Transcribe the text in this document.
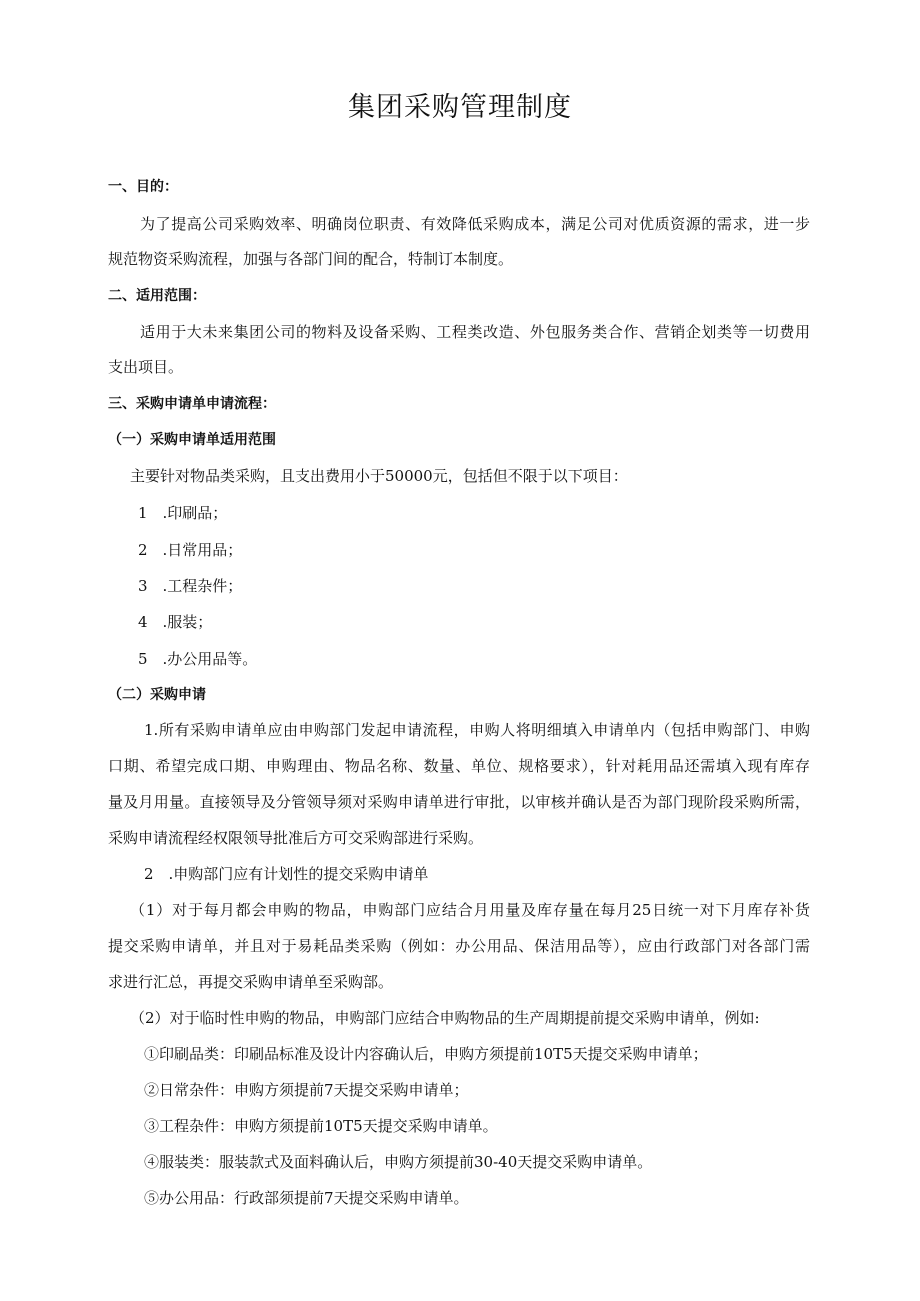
集团采购管理制度
一、目的：
为了提高公司采购效率、明确岗位职责、有效降低采购成本，满足公司对优质资源的需求，进一步
规范物资采购流程，加强与各部门间的配合，特制订本制度。
二、适用范围：
适用于大未来集团公司的物料及设备采购、工程类改造、外包服务类合作、营销企划类等一切费用
支出项目。
三、采购申请单申请流程：
（一）采购申请单适用范围
主要针对物品类采购，且支出费用小于50000元，包括但不限于以下项目：
1　.印刷品；
2　.日常用品；
3　.工程杂件；
4　.服装；
5　.办公用品等。
（二）采购申请
1.所有采购申请单应由申购部门发起申请流程，申购人将明细填入申请单内（包括申购部门、申购
口期、希望完成口期、申购理由、物品名称、数量、单位、规格要求），针对耗用品还需填入现有库存
量及月用量。直接领导及分管领导须对采购申请单进行审批，以审核并确认是否为部门现阶段采购所需，
采购申请流程经权限领导批准后方可交采购部进行采购。
2　.申购部门应有计划性的提交采购申请单
（1）对于每月都会申购的物品，申购部门应结合月用量及库存量在每月25日统一对下月库存补货
提交采购申请单，并且对于易耗品类采购（例如：办公用品、保洁用品等），应由行政部门对各部门需
求进行汇总，再提交采购申请单至采购部。
（2）对于临时性申购的物品，申购部门应结合申购物品的生产周期提前提交采购申请单，例如:
①印刷品类：印刷品标准及设计内容确认后，申购方须提前10T5天提交采购申请单；
②日常杂件：申购方须提前7天提交采购申请单；
③工程杂件：申购方须提前10T5天提交采购申请单。
④服装类：服装款式及面料确认后，申购方须提前30-40天提交采购申请单。
⑤办公用品：行政部须提前7天提交采购申请单。
